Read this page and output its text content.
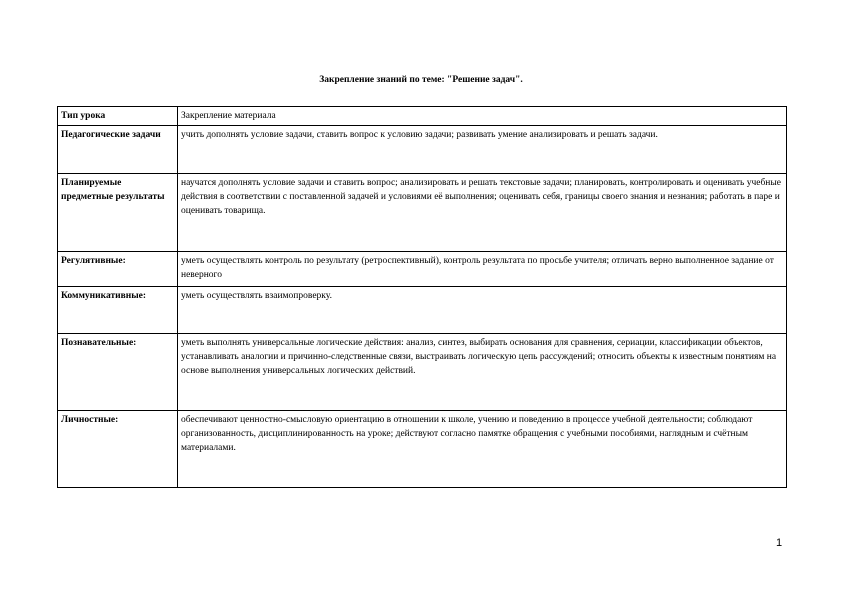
Закрепление знаний по теме: "Решение задач".
Тип урока	Закрепление материала
Педагогические задачи	учить дополнять условие задачи, ставить вопрос к условию задачи; развивать умение анализировать и решать задачи.
Планируемые предметные результаты	научатся дополнять условие задачи и ставить вопрос; анализировать и решать текстовые задачи; планировать, контролировать и оценивать учебные действия в соответствии с поставленной задачей и условиями её выполнения; оценивать себя, границы своего знания и незнания; работать в паре и оценивать товарища.
Регулятивные:	уметь осуществлять контроль по результату (ретроспективный), контроль результата по просьбе учителя; отличать верно выполненное задание от неверного
Коммуникативные:	уметь осуществлять взаимопроверку.
Познавательные:	уметь выполнять универсальные логические действия: анализ, синтез, выбирать основания для сравнения, сериации, классификации объектов, устанавливать аналогии и причинно-следственные связи, выстраивать логическую цепь рассуждений; относить объекты к известным понятиям на основе выполнения универсальных логических действий.
Личностные:	обеспечивают ценностно-смысловую ориентацию в отношении к школе, учению и поведению в процессе учебной деятельности; соблюдают организованность, дисциплинированность на уроке; действуют согласно памятке обращения с учебными пособиями, наглядным и счётным материалами.
1
